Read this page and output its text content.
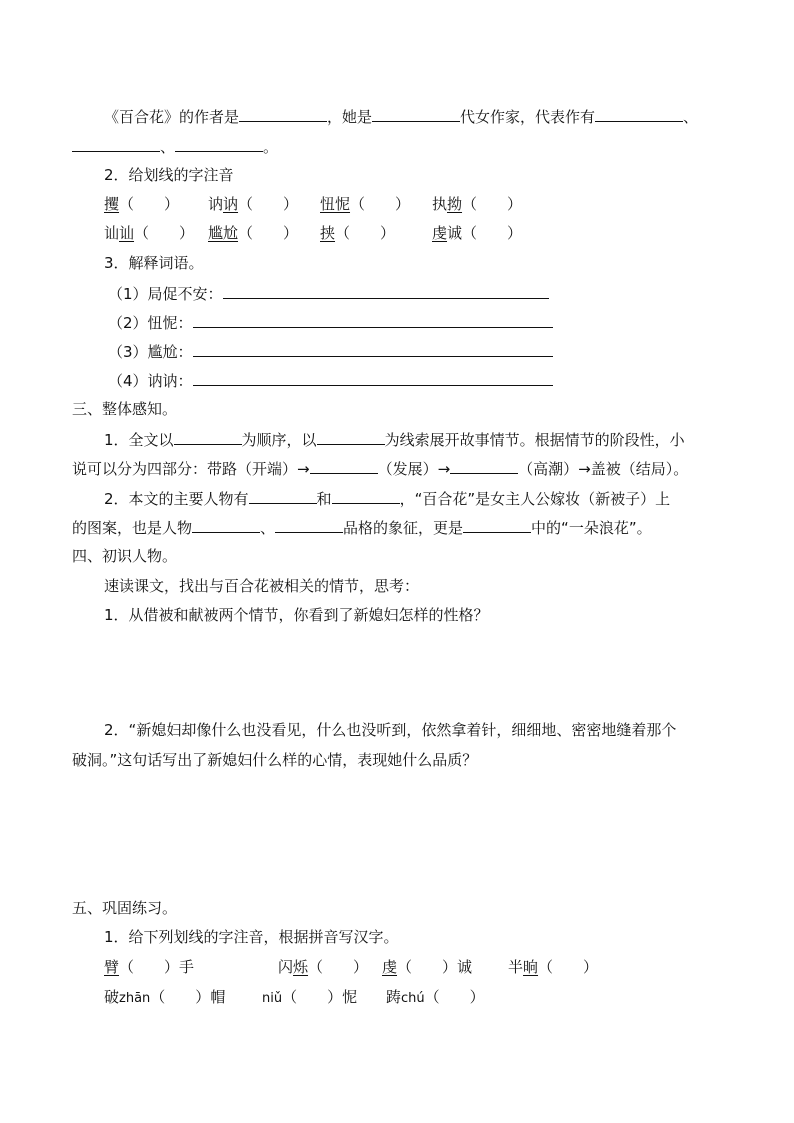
《百合花》的作者是	，她是	代女作家，代表作有	、
、	。
2．给划线的字注音
攫（　　） 讷讷（　　） 忸怩（　　） 执拗（　　）
讪讪（　　） 尴尬（　　） 挟（　　） 虔诚（　　）
3．解释词语。
（1）局促不安：
（2）忸怩：
（3）尴尬：
（4）讷讷：
三、整体感知。
1．全文以	为顺序，以	为线索展开故事情节。根据情节的阶段性，小
说可以分为四部分：带路（开端）→	（发展）→	（高潮）→盖被（结局）。
2．本文的主要人物有	和	，“百合花”是女主人公嫁妆（新被子）上
的图案，也是人物	、	品格的象征，更是	中的“一朵浪花”。
四、初识人物。
速读课文，找出与百合花被相关的情节，思考：
1．从借被和献被两个情节，你看到了新媳妇怎样的性格？
2．“新媳妇却像什么也没看见，什么也没听到，依然拿着针，细细地、密密地缝着那个
破洞。”这句话写出了新媳妇什么样的心情，表现她什么品质？
五、巩固练习。
1．给下列划线的字注音，根据拼音写汉字。
臂（　　）手	闪烁（　　） 虔（　　）诚 半晌（　　）
破zhān（　　）帽	niǔ（　　）怩 踌chú（　　）
